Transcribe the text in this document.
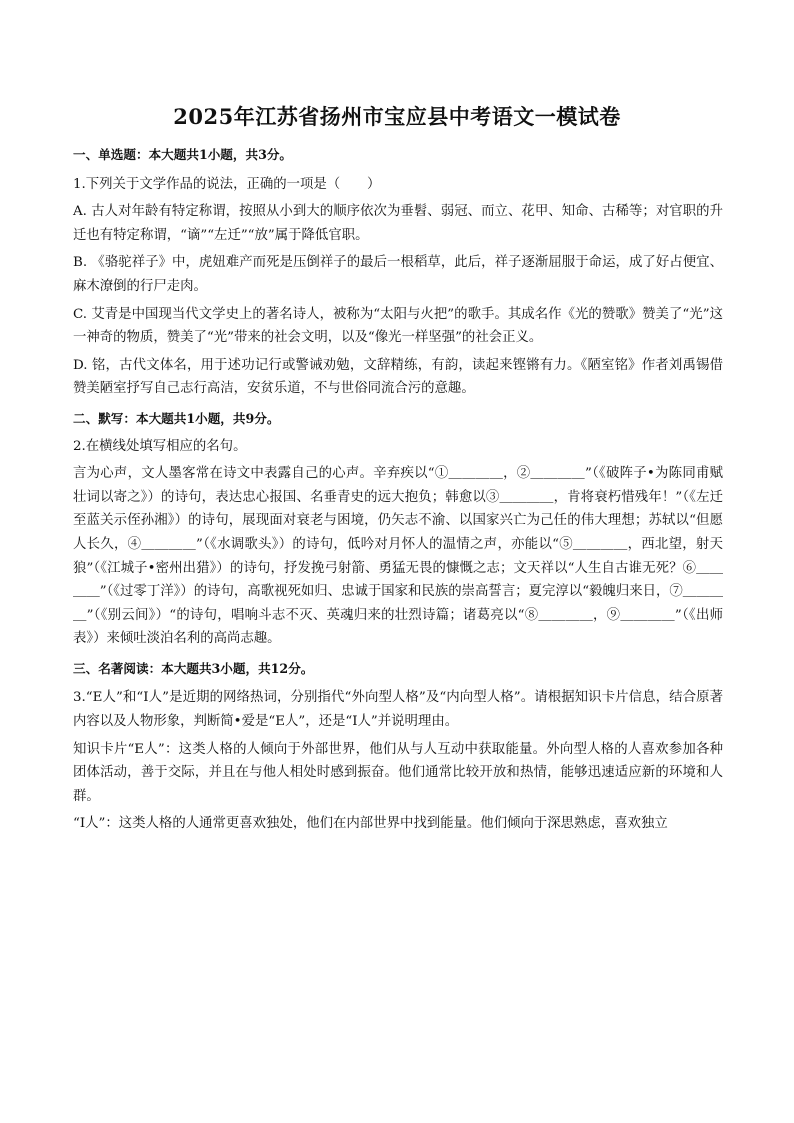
2025年江苏省扬州市宝应县中考语文一模试卷

一、单选题：本大题共1小题，共3分。

1.下列关于文学作品的说法，正确的一项是（　　）

A. 古人对年龄有特定称谓，按照从小到大的顺序依次为垂髫、弱冠、而立、花甲、知命、古稀等；对官职的升迁也有特定称谓，“谪”“左迁”“放”属于降低官职。

B. 《骆驼祥子》中，虎妞难产而死是压倒祥子的最后一根稻草，此后，祥子逐渐屈服于命运，成了好占便宜、麻木潦倒的行尸走肉。

C. 艾青是中国现当代文学史上的著名诗人，被称为“太阳与火把”的歌手。其成名作《光的赞歌》赞美了“光”这一神奇的物质，赞美了“光”带来的社会文明，以及“像光一样坚强”的社会正义。

D. 铭，古代文体名，用于述功记行或警诫劝勉，文辞精练，有韵，读起来铿锵有力。《陋室铭》作者刘禹锡借赞美陋室抒写自己志行高洁，安贫乐道，不与世俗同流合污的意趣。

二、默写：本大题共1小题，共9分。

2.在横线处填写相应的名句。

言为心声，文人墨客常在诗文中表露自己的心声。辛弃疾以“①＿＿＿＿，②＿＿＿＿”（《破阵子•为陈同甫赋壮词以寄之》）的诗句，表达忠心报国、名垂青史的远大抱负；韩愈以③＿＿＿＿，肯将衰朽惜残年！”（《左迁至蓝关示侄孙湘》）的诗句，展现面对衰老与困境，仍矢志不渝、以国家兴亡为己任的伟大理想；苏轼以“但愿人长久，④＿＿＿＿”（《水调歌头》）的诗句，低吟对月怀人的温情之声，亦能以“⑤＿＿＿＿，西北望，射天狼”（《江城子•密州出猎》）的诗句，抒发挽弓射箭、勇猛无畏的慷慨之志；文天祥以“人生自古谁无死？⑥＿＿＿＿”（《过零丁洋》）的诗句，高歌视死如归、忠诚于国家和民族的崇高誓言；夏完淳以“毅魄归来日，⑦＿＿＿＿”（《别云间》）“的诗句，唱响斗志不灭、英魂归来的壮烈诗篇；诸葛亮以“⑧＿＿＿＿，⑨＿＿＿＿”（《出师表》）来倾吐淡泊名利的高尚志趣。

三、名著阅读：本大题共3小题，共12分。

3.“E人”和“I人”是近期的网络热词，分别指代“外向型人格”及“内向型人格”。请根据知识卡片信息，结合原著内容以及人物形象，判断简•爱是“E人”，还是“I人”并说明理由。

知识卡片“E人”：这类人格的人倾向于外部世界，他们从与人互动中获取能量。外向型人格的人喜欢参加各种团体活动，善于交际，并且在与他人相处时感到振奋。他们通常比较开放和热情，能够迅速适应新的环境和人群。

“I人”：这类人格的人通常更喜欢独处，他们在内部世界中找到能量。他们倾向于深思熟虑，喜欢独立
